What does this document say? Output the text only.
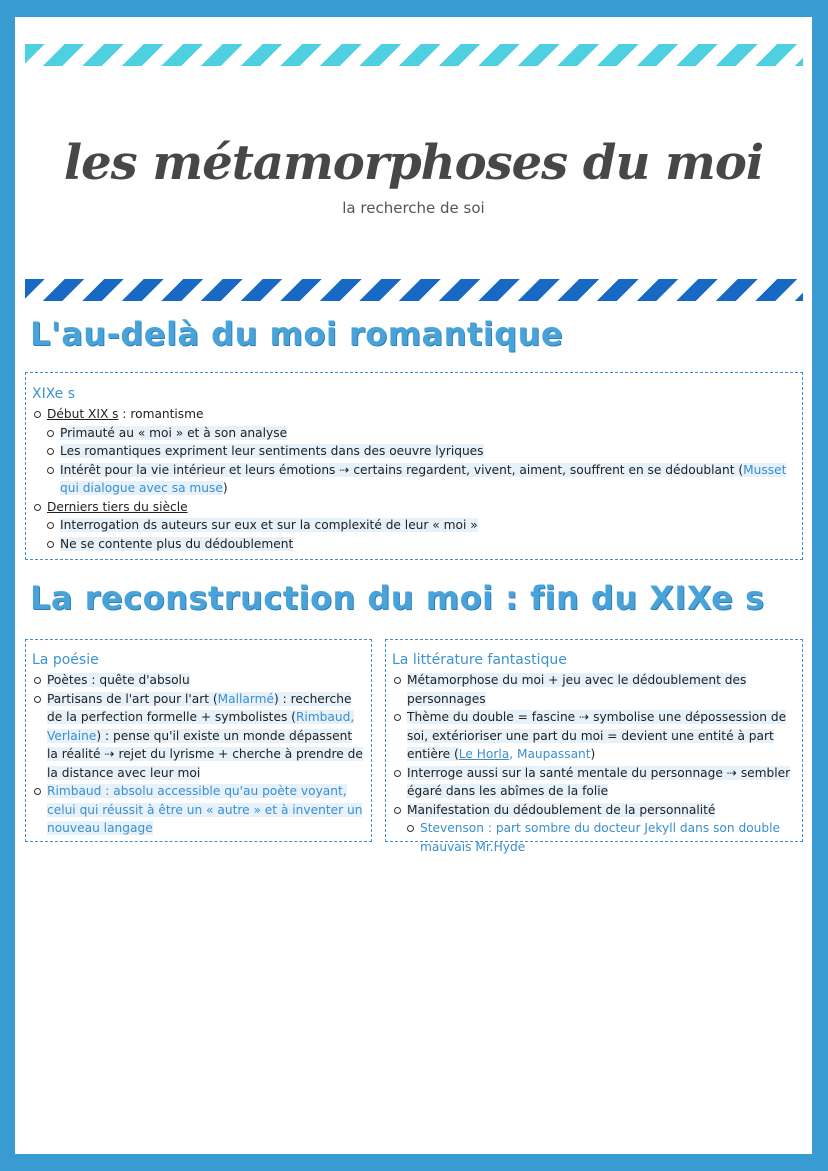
les métamorphoses du moi
la recherche de soi
L'au-delà du moi romantique
XIXe s
Début XIX s : romantisme
Primauté au « moi » et à son analyse
Les romantiques expriment leur sentiments dans des oeuvre lyriques
Intérêt pour la vie intérieur et leurs émotions ⇢ certains regardent, vivent, aiment, souffrent en se dédoublant (Musset qui dialogue avec sa muse)
Derniers tiers du siècle
Interrogation ds auteurs sur eux et sur la complexité de leur « moi »
Ne se contente plus du dédoublement
La reconstruction du moi : fin du XIXe s
La poésie
Poètes : quête d'absolu
Partisans de l'art pour l'art (Mallarmé) : recherche de la perfection formelle + symbolistes (Rimbaud, Verlaine) : pense qu'il existe un monde dépassent la réalité ⇢ rejet du lyrisme + cherche à prendre de la distance avec leur moi
Rimbaud : absolu accessible qu'au poète voyant, celui qui réussit à être un « autre » et à inventer un nouveau langage
La littérature fantastique
Métamorphose du moi + jeu avec le dédoublement des personnages
Thème du double = fascine ⇢ symbolise une dépossession de soi, extérioriser une part du moi = devient une entité à part entière (Le Horla, Maupassant)
Interroge aussi sur la santé mentale du personnage ⇢ sembler égaré dans les abîmes de la folie
Manifestation du dédoublement de la personnalité
Stevenson : part sombre du docteur Jekyll dans son double mauvais Mr.Hyde
